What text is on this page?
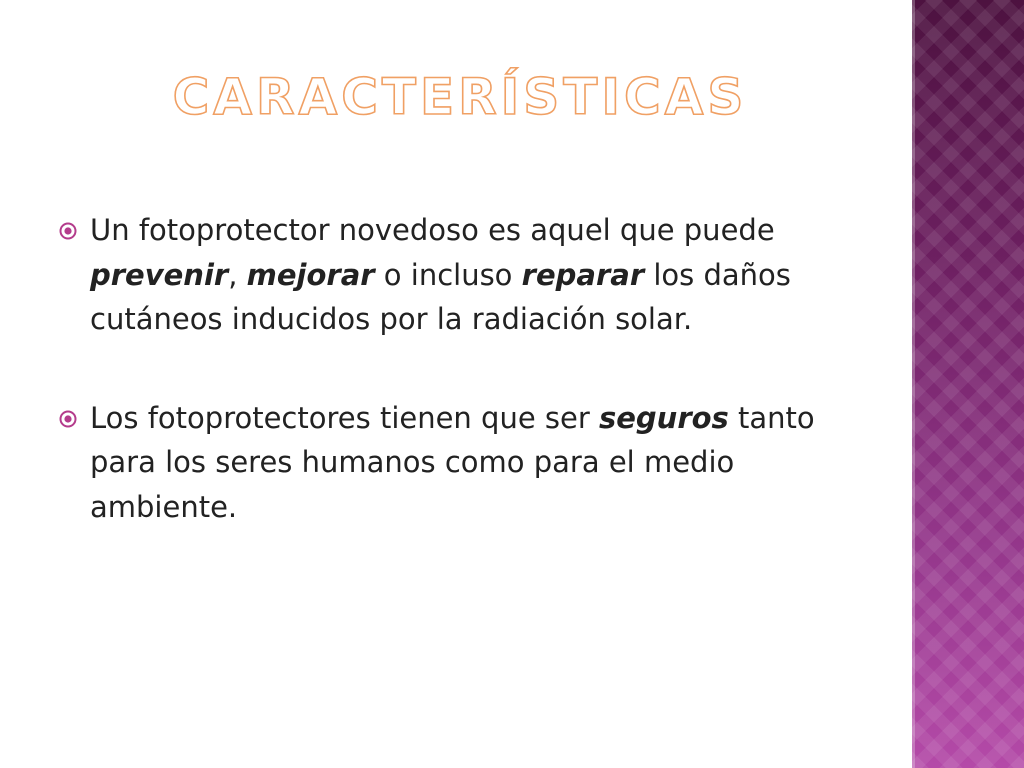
CARACTERÍSTICAS
Un fotoprotector novedoso es aquel que puede prevenir, mejorar o incluso reparar los daños cutáneos inducidos por la radiación solar.
Los fotoprotectores tienen que ser seguros tanto para los seres humanos como para el medio ambiente.
